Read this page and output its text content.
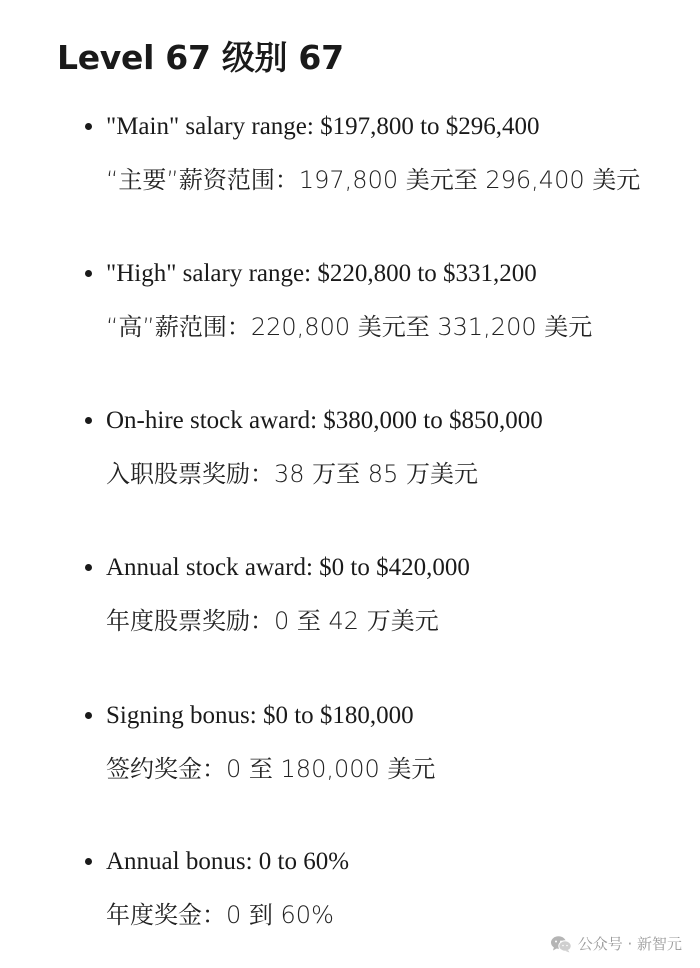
Level 67 级别 67
"Main" salary range: $197,800 to $296,400
“主要”薪资范围：197,800 美元至 296,400 美元
"High" salary range: $220,800 to $331,200
“高”薪范围：220,800 美元至 331,200 美元
On-hire stock award: $380,000 to $850,000
入职股票奖励：38 万至 85 万美元
Annual stock award: $0 to $420,000
年度股票奖励：0 至 42 万美元
Signing bonus: $0 to $180,000
签约奖金：0 至 180,000 美元
Annual bonus: 0 to 60%
年度奖金：0 到 60%
公众号 · 新智元
